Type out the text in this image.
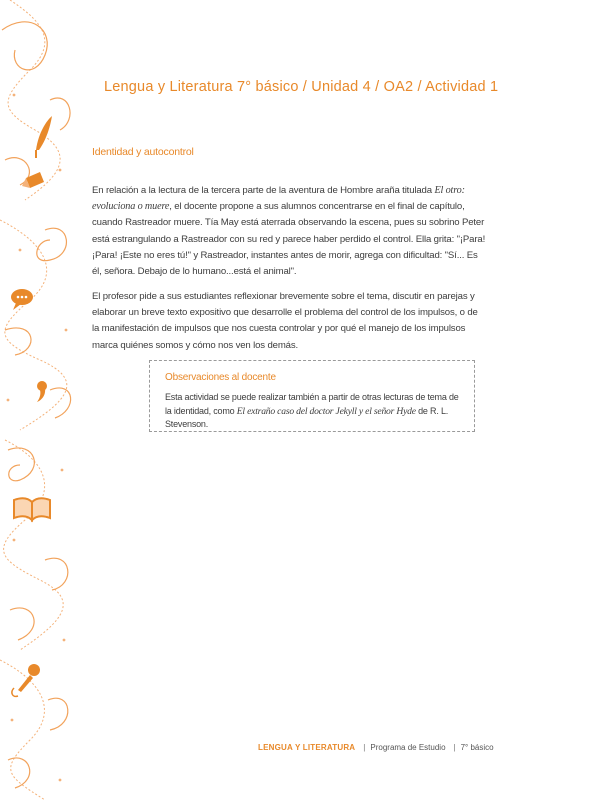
Lengua y Literatura 7° básico / Unidad 4 / OA2 / Actividad 1
Identidad y autocontrol
En relación a la lectura de la tercera parte de la aventura de Hombre araña titulada El otro: evoluciona o muere, el docente propone a sus alumnos concentrarse en el final de capítulo, cuando Rastreador muere. Tía May está aterrada observando la escena, pues su sobrino Peter está estrangulando a Rastreador con su red y parece haber perdido el control. Ella grita: "¡Para! ¡Para! ¡Este no eres tú!" y Rastreador, instantes antes de morir, agrega con dificultad: "Sí... Es él, señora. Debajo de lo humano...está el animal".
El profesor pide a sus estudiantes reflexionar brevemente sobre el tema, discutir en parejas y elaborar un breve texto expositivo que desarrolle el problema del control de los impulsos, o de la manifestación de impulsos que nos cuesta controlar y por qué el manejo de los impulsos marca quiénes somos y cómo nos ven los demás.
Observaciones al docente
Esta actividad se puede realizar también a partir de otras lecturas de tema de la identidad, como El extraño caso del doctor Jekyll y el señor Hyde de R. L. Stevenson.
LENGUA Y LITERATURA | Programa de Estudio | 7° básico
